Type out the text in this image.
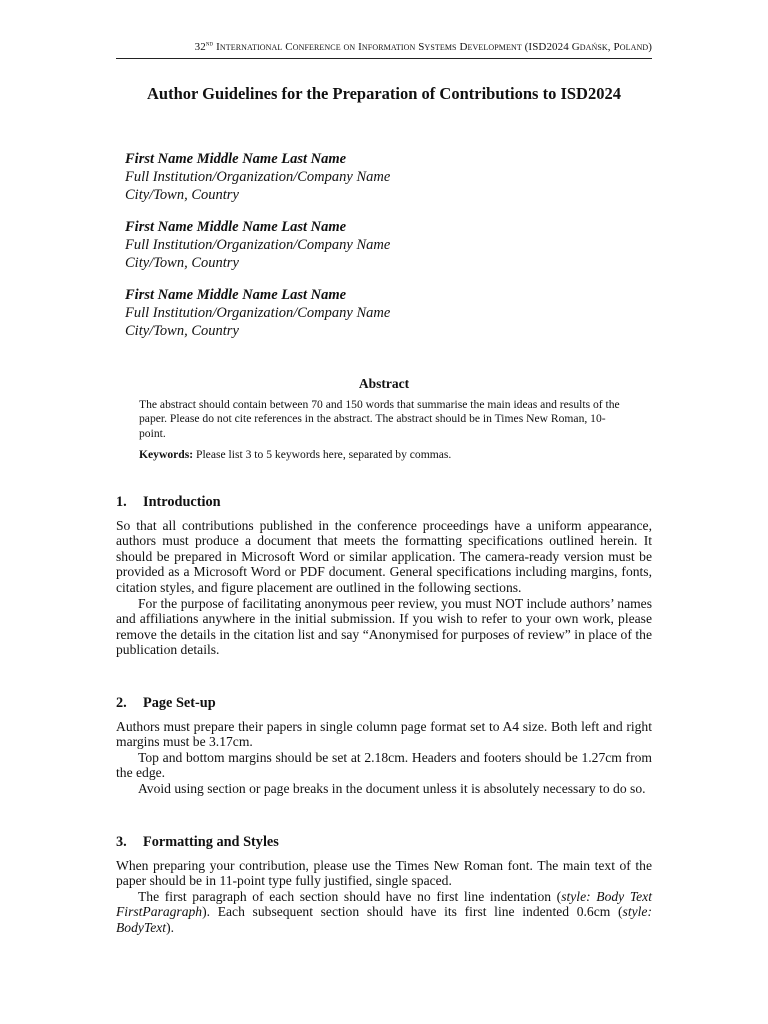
32nd International Conference on Information Systems Development (ISD2024 Gdańsk, Poland)
Author Guidelines for the Preparation of Contributions to ISD2024
First Name Middle Name Last Name
Full Institution/Organization/Company Name
City/Town, Country
First Name Middle Name Last Name
Full Institution/Organization/Company Name
City/Town, Country
First Name Middle Name Last Name
Full Institution/Organization/Company Name
City/Town, Country
Abstract

The abstract should contain between 70 and 150 words that summarise the main ideas and results of the paper. Please do not cite references in the abstract. The abstract should be in Times New Roman, 10-point.

Keywords: Please list 3 to 5 keywords here, separated by commas.

1. Introduction

So that all contributions published in the conference proceedings have a uniform appearance, authors must produce a document that meets the formatting specifications outlined herein. It should be prepared in Microsoft Word or similar application. The camera-ready version must be provided as a Microsoft Word or PDF document. General specifications including margins, fonts, citation styles, and figure placement are outlined in the following sections.

For the purpose of facilitating anonymous peer review, you must NOT include authors’ names and affiliations anywhere in the initial submission. If you wish to refer to your own work, please remove the details in the citation list and say “Anonymised for purposes of review” in place of the publication details.

2. Page Set-up

Authors must prepare their papers in single column page format set to A4 size. Both left and right margins must be 3.17cm.

Top and bottom margins should be set at 2.18cm. Headers and footers should be 1.27cm from the edge.

Avoid using section or page breaks in the document unless it is absolutely necessary to do so.

3. Formatting and Styles

When preparing your contribution, please use the Times New Roman font. The main text of the paper should be in 11-point type fully justified, single spaced.

The first paragraph of each section should have no first line indentation (style: Body Text FirstParagraph). Each subsequent section should have its first line indented 0.6cm (style: BodyText).
